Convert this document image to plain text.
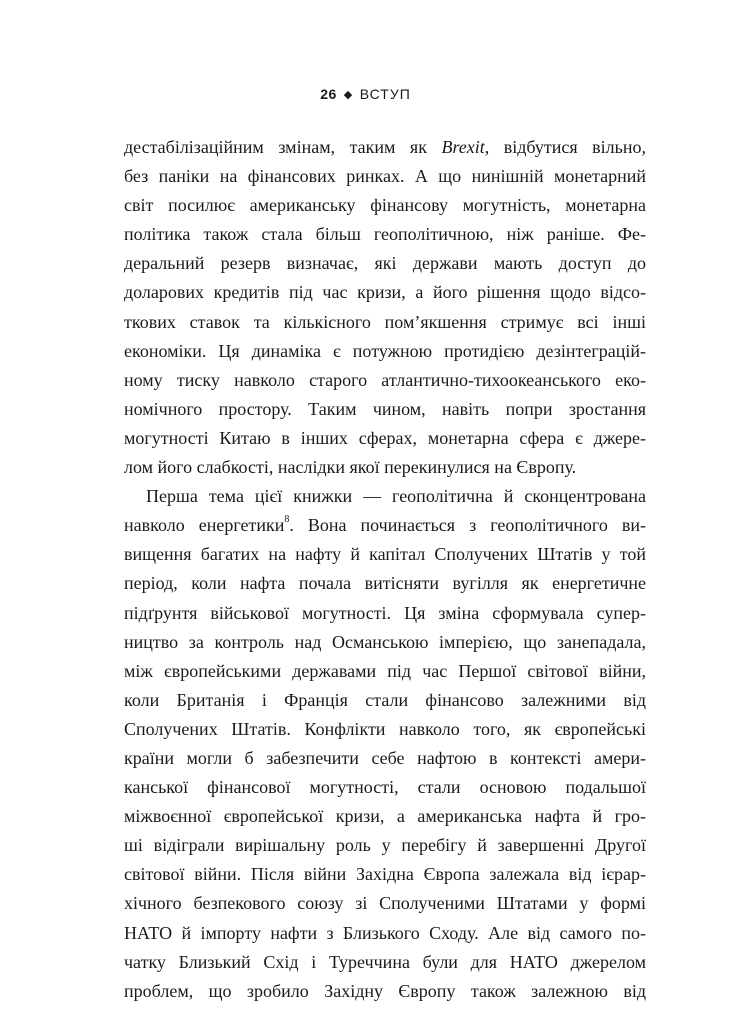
26 ◆ ВСТУП
дестабілізаційним змінам, таким як Brexit, відбутися вільно,
без паніки на фінансових ринках. А що нинішній монетарний
світ посилює американську фінансову могутність, монетарна
політика також стала більш геополітичною, ніж раніше. Фе-
деральний резерв визначає, які держави мають доступ до
доларових кредитів під час кризи, а його рішення щодо відсо-
ткових ставок та кількісного пом’якшення стримує всі інші
економіки. Ця динаміка є потужною протидією дезінтеграцій-
ному тиску навколо старого атлантично-тихоокеанського еко-
номічного простору. Таким чином, навіть попри зростання
могутності Китаю в інших сферах, монетарна сфера є джере-
лом його слабкості, наслідки якої перекинулися на Європу.
Перша тема цієї книжки — геополітична й сконцентрована
навколо енергетики$^8$. Вона починається з геополітичного ви-
вищення багатих на нафту й капітал Сполучених Штатів у той
період, коли нафта почала витісняти вугілля як енергетичне
підґрунтя військової могутності. Ця зміна сформувала супер-
ництво за контроль над Османською імперією, що занепадала,
між європейськими державами під час Першої світової війни,
коли Британія і Франція стали фінансово залежними від
Сполучених Штатів. Конфлікти навколо того, як європейські
країни могли б забезпечити себе нафтою в контексті амери-
канської фінансової могутності, стали основою подальшої
міжвоєнної європейської кризи, а американська нафта й гро-
ші відіграли вирішальну роль у перебігу й завершенні Другої
світової війни. Після війни Західна Європа залежала від ієрар-
хічного безпекового союзу зі Сполученими Штатами у формі
НАТО й імпорту нафти з Близького Сходу. Але від самого по-
чатку Близький Схід і Туреччина були для НАТО джерелом
проблем, що зробило Західну Європу також залежною від
